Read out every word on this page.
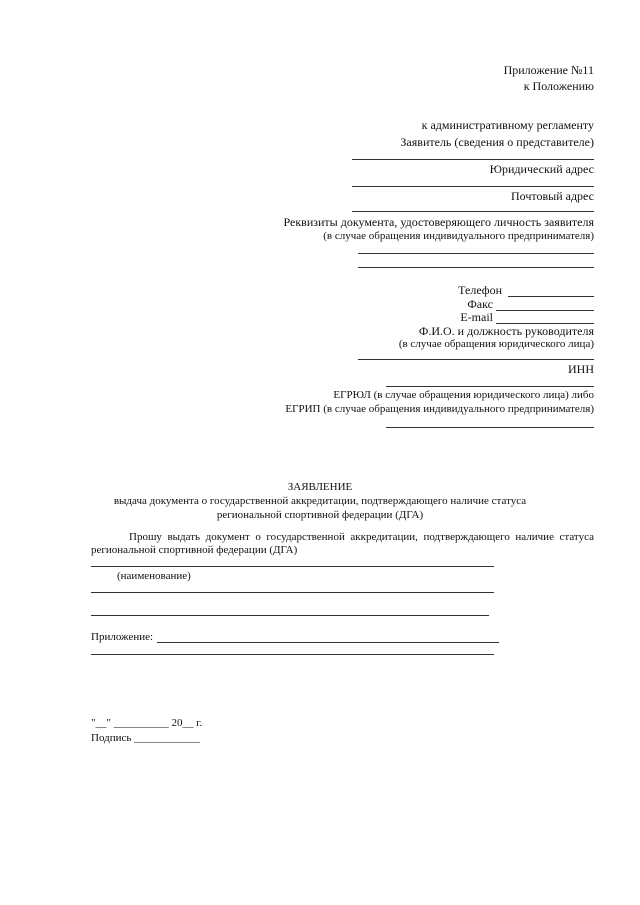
Приложение №11
к Положению
к административному регламенту
Заявитель (сведения о представителе)
Юридический адрес
Почтовый адрес
Реквизиты документа, удостоверяющего личность заявителя
(в случае обращения индивидуального предпринимателя)
Телефон
Факс
E-mail
Ф.И.О. и должность руководителя
(в случае обращения юридического лица)
ИНН
ЕГРЮЛ (в случае обращения юридического лица) либо
ЕГРИП (в случае обращения индивидуального предпринимателя)
ЗАЯВЛЕНИЕ
выдача документа о государственной аккредитации, подтверждающего наличие статуса
региональной спортивной федерации (ДГА)
Прошу выдать документ о государственной аккредитации, подтверждающего наличие статуса
региональной спортивной федерации (ДГА)
(наименование)
Приложение:
"__" __________ 20__ г.
Подпись ____________
